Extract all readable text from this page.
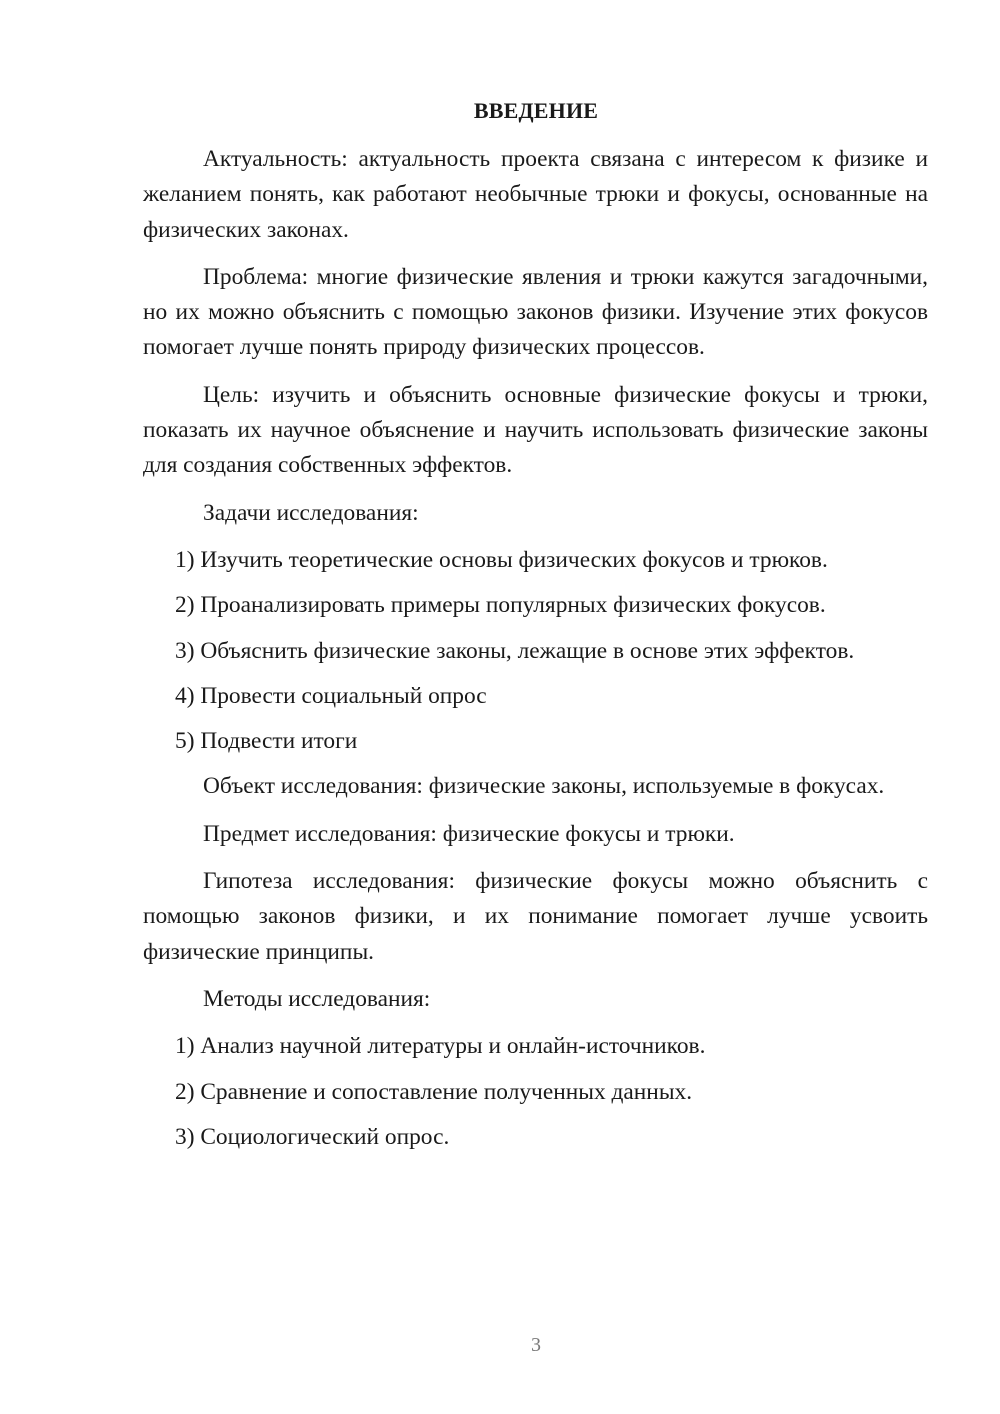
ВВЕДЕНИЕ

Актуальность: актуальность проекта связана с интересом к физике и желанием понять, как работают необычные трюки и фокусы, основанные на физических законах.

Проблема: многие физические явления и трюки кажутся загадочными, но их можно объяснить с помощью законов физики. Изучение этих фокусов помогает лучше понять природу физических процессов.

Цель: изучить и объяснить основные физические фокусы и трюки, показать их научное объяснение и научить использовать физические законы для создания собственных эффектов.

Задачи исследования:

1) Изучить теоретические основы физических фокусов и трюков.
2) Проанализировать примеры популярных физических фокусов.
3) Объяснить физические законы, лежащие в основе этих эффектов.
4) Провести социальный опрос
5) Подвести итоги

Объект исследования: физические законы, используемые в фокусах.

Предмет исследования: физические фокусы и трюки.

Гипотеза исследования: физические фокусы можно объяснить с помощью законов физики, и их понимание помогает лучше усвоить физические принципы.

Методы исследования:

1) Анализ научной литературы и онлайн-источников.
2) Сравнение и сопоставление полученных данных.
3) Социологический опрос.
3
